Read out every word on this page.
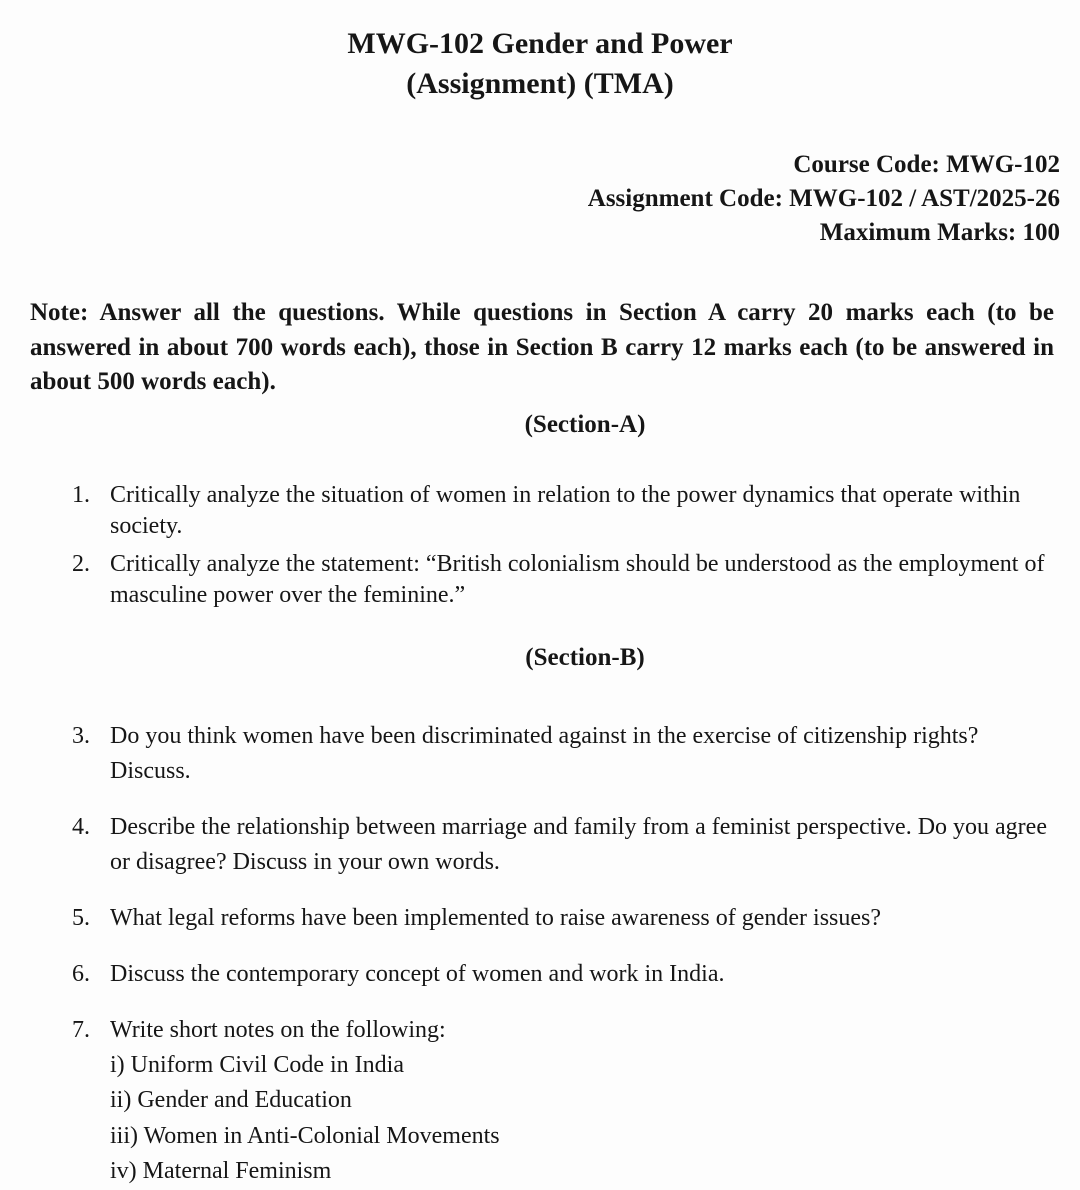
MWG-102 Gender and Power
(Assignment) (TMA)
Course Code: MWG-102
Assignment Code: MWG-102 / AST/2025-26
Maximum Marks: 100

Note: Answer all the questions. While questions in Section A carry 20 marks each (to be answered in about 700 words each), those in Section B carry 12 marks each (to be answered in about 500 words each).

(Section-A)
1. Critically analyze the situation of women in relation to the power dynamics that operate within society.
2. Critically analyze the statement: “British colonialism should be understood as the employment of masculine power over the feminine.”
(Section-B)
3. Do you think women have been discriminated against in the exercise of citizenship rights? Discuss.
4. Describe the relationship between marriage and family from a feminist perspective. Do you agree or disagree? Discuss in your own words.
5. What legal reforms have been implemented to raise awareness of gender issues?
6. Discuss the contemporary concept of women and work in India.
7. Write short notes on the following:
i) Uniform Civil Code in India
ii) Gender and Education
iii) Women in Anti-Colonial Movements
iv) Maternal Feminism
